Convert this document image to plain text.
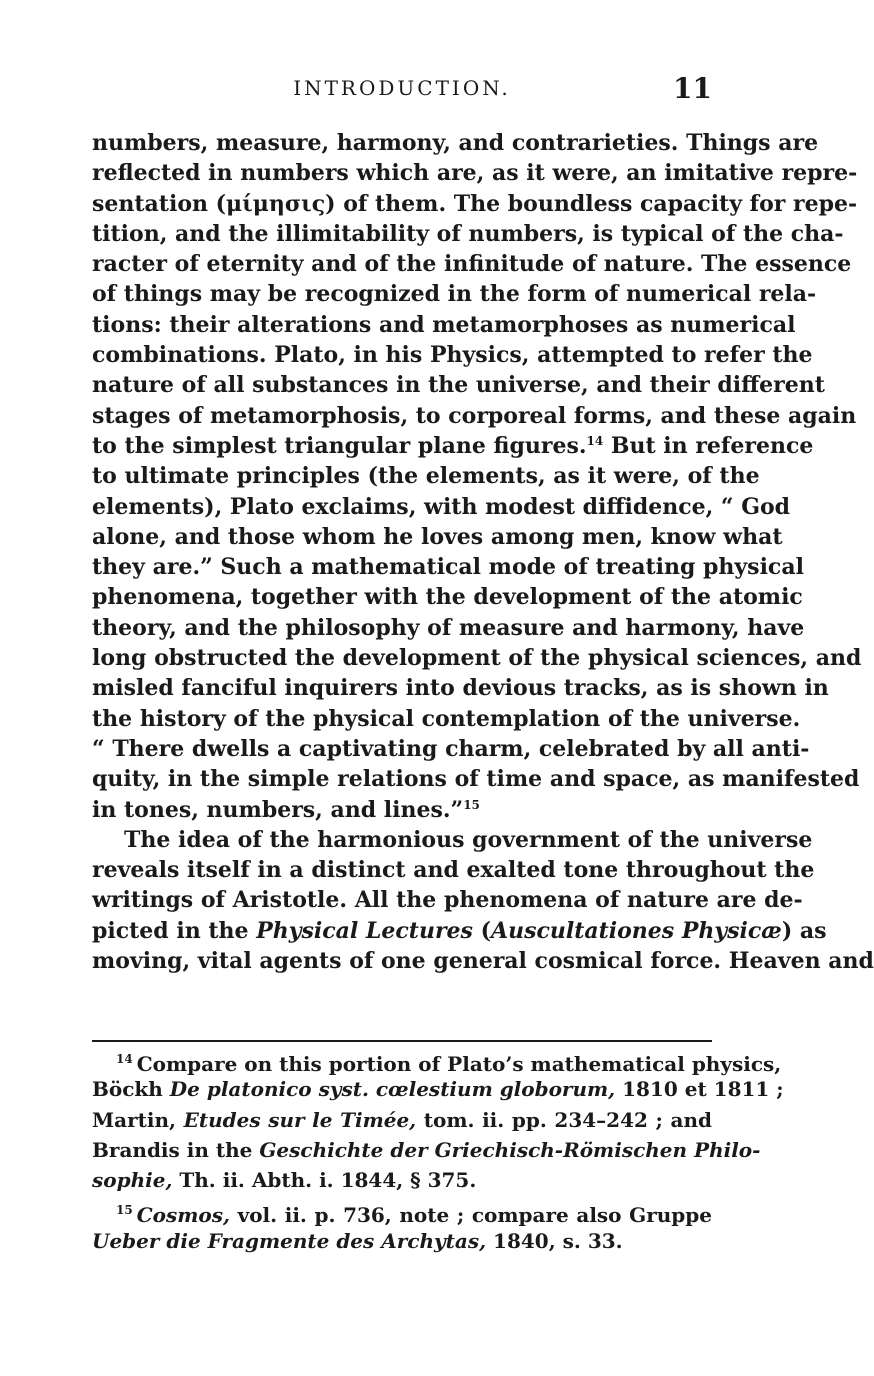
INTRODUCTION.	11
numbers, measure, harmony, and contrarieties. Things are
reflected in numbers which are, as it were, an imitative repre-
sentation (μίμησις) of them. The boundless capacity for repe-
tition, and the illimitability of numbers, is typical of the cha-
racter of eternity and of the infinitude of nature. The essence
of things may be recognized in the form of numerical rela-
tions: their alterations and metamorphoses as numerical
combinations. Plato, in his Physics, attempted to refer the
nature of all substances in the universe, and their different
stages of metamorphosis, to corporeal forms, and these again
to the simplest triangular plane figures.$^{14}$ But in reference
to ultimate principles (the elements, as it were, of the
elements), Plato exclaims, with modest diffidence, “ God
alone, and those whom he loves among men, know what
they are.” Such a mathematical mode of treating physical
phenomena, together with the development of the atomic
theory, and the philosophy of measure and harmony, have
long obstructed the development of the physical sciences, and
misled fanciful inquirers into devious tracks, as is shown in
the history of the physical contemplation of the universe.
“ There dwells a captivating charm, celebrated by all anti-
quity, in the simple relations of time and space, as manifested
in tones, numbers, and lines.”$^{15}$
The idea of the harmonious government of the universe
reveals itself in a distinct and exalted tone throughout the
writings of Aristotle. All the phenomena of nature are de-
picted in the Physical Lectures (Auscultationes Physicæ) as
moving, vital agents of one general cosmical force. Heaven and
$^{14}$ Compare on this portion of Plato’s mathematical physics,
Böckh De platonico syst. cœlestium globorum, 1810 et 1811 ;
Martin, Etudes sur le Timée, tom. ii. pp. 234–242 ; and
Brandis in the Geschichte der Griechisch-Römischen Philo-
sophie, Th. ii. Abth. i. 1844, § 375.
$^{15}$ Cosmos, vol. ii. p. 736, note ; compare also Gruppe
Ueber die Fragmente des Archytas, 1840, s. 33.
